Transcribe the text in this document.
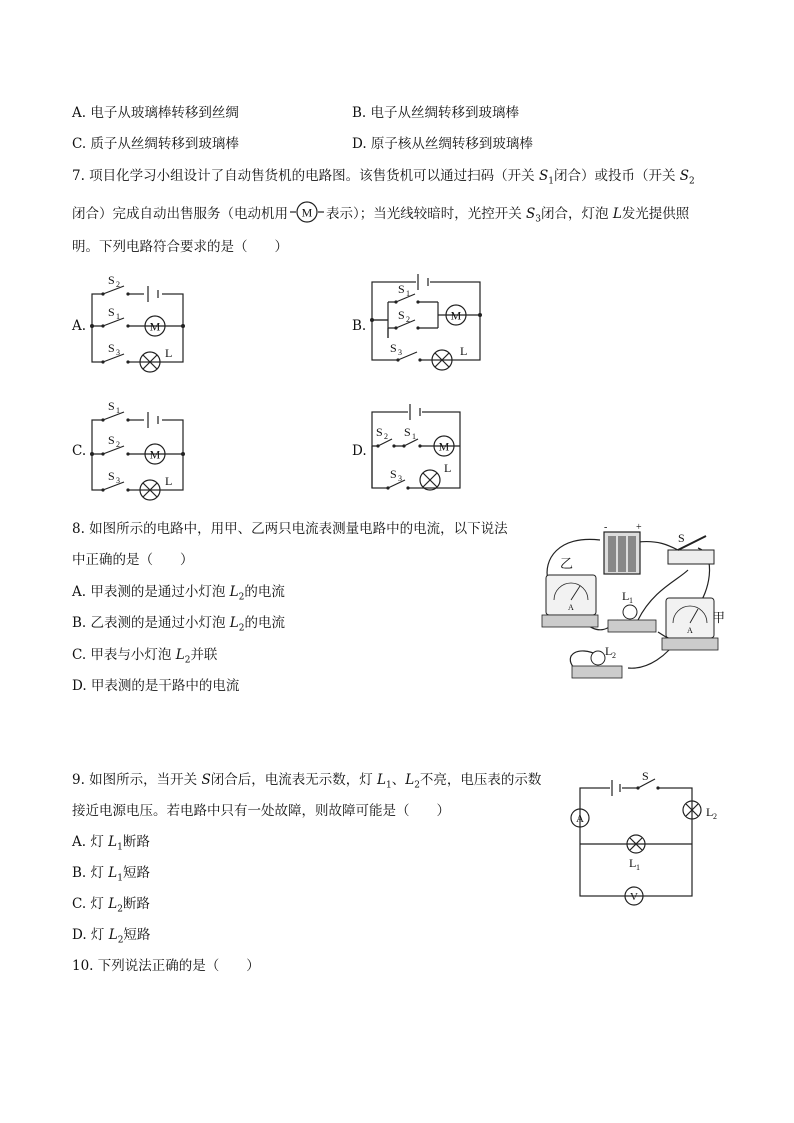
A. 电子从玻璃棒转移到丝绸	B. 电子从丝绸转移到玻璃棒
C. 质子从丝绸转移到玻璃棒	D. 原子核从丝绸转移到玻璃棒
7. 项目化学习小组设计了自动售货机的电路图。该售货机可以通过扫码（开关 $S_1$闭合）或投币（开关 $S_2$
闭合）完成自动出售服务（电动机用 M 表示）；当光线较暗时，光控开关 $S_3$闭合，灯泡 L发光提供照
明。下列电路符合要求的是（　　）
A.	B.
C.	D.
S 2
S 1
M
S 3	L
S 1
S 2	M
S 3	L
S 1
S 2
M
S 3	L
S 2 S 1
M
S 3
L
8. 如图所示的电路中，用甲、乙两只电流表测量电路中的电流，以下说法
中正确的是（　　）
A. 甲表测的是通过小灯泡 $L_2$的电流
B. 乙表测的是通过小灯泡 $L_2$的电流
C. 甲表与小灯泡 $L_2$并联
D. 甲表测的是干路中的电流
-	+
S
A
乙
A
甲
L 1
L 2
9. 如图所示，当开关 S闭合后，电流表无示数，灯 $L_1$、$L_2$不亮，电压表的示数
接近电源电压。若电路中只有一处故障，则故障可能是（　　）
A. 灯 $L_1$断路
B. 灯 $L_1$短路
C. 灯 $L_2$断路
D. 灯 $L_2$短路
S
A	L 2
L 1
V
10. 下列说法正确的是（　　）
